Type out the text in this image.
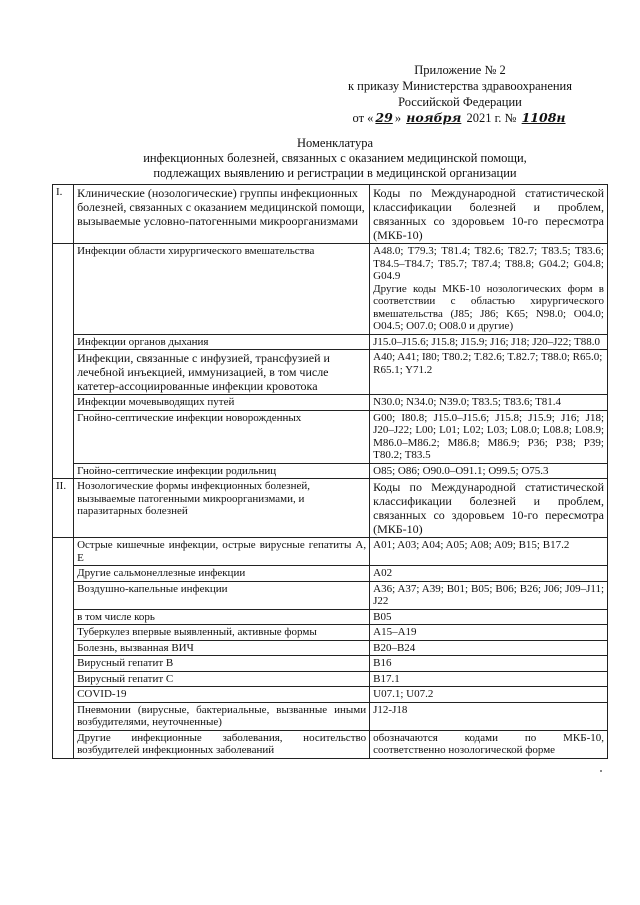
Приложение № 2
к приказу Министерства здравоохранения
Российской Федерации
от « 29 » ноября 2021 г. № 1108н
Номенклатура
инфекционных болезней, связанных с оказанием медицинской помощи,
подлежащих выявлению и регистрации в медицинской организации
I.	Клинические (нозологические) группы инфекционных болезней, связанных с оказанием медицинской помощи, вызываемые условно-патогенными микроорганизмами	Коды по Международной статистической классификации болезней и проблем, связанных со здоровьем 10-го пересмотра (МКБ-10)
	Инфекции области хирургического вмешательства	A48.0; T79.3; T81.4; T82.6; T82.7; T83.5; T83.6; T84.5–T84.7; T85.7; T87.4; T88.8; G04.2; G04.8; G04.9
Другие коды МКБ-10 нозологических форм в соответствии с областью хирургического вмешательства (J85; J86; K65; N98.0; O04.0; O04.5; O07.0; O08.0 и другие)

	Инфекции органов дыхания	J15.0–J15.6; J15.8; J15.9; J16; J18; J20–J22; T88.0
	Инфекции, связанные с инфузией, трансфузией и лечебной инъекцией, иммунизацией, в том числе катетер-ассоциированные инфекции кровотока	A40; A41; I80; T80.2; T.82.6; T.82.7; T88.0; R65.0; R65.1; Y71.2
	Инфекции мочевыводящих путей	N30.0; N34.0; N39.0; T83.5; T83.6; T81.4
	Гнойно-септические инфекции новорожденных	G00; I80.8; J15.0–J15.6; J15.8; J15.9; J16; J18; J20–J22; L00; L01; L02; L03; L08.0; L08.8; L08.9; M86.0–M86.2; M86.8; M86.9; P36; P38; P39; T80.2; T83.5
	Гнойно-септические инфекции родильниц	O85; O86; O90.0–O91.1; O99.5; O75.3
II.	Нозологические формы инфекционных болезней, вызываемые патогенными микроорганизмами, и паразитарных болезней	Коды по Международной статистической классификации болезней и проблем, связанных со здоровьем 10-го пересмотра (МКБ-10)
	Острые кишечные инфекции, острые вирусные гепатиты А, Е	A01; A03; A04; A05; A08; A09; B15; B17.2
	Другие сальмонеллезные инфекции	A02
	Воздушно-капельные инфекции	A36; A37; A39; B01; B05; B06; B26; J06; J09–J11; J22
	в том числе корь	B05
	Туберкулез впервые выявленный, активные формы	A15–A19
	Болезнь, вызванная ВИЧ	B20–B24
	Вирусный гепатит В	B16
	Вирусный гепатит С	B17.1
	COVID-19	U07.1; U07.2
	Пневмонии (вирусные, бактериальные, вызванные иными возбудителями, неуточненные)	J12-J18
	Другие инфекционные заболевания, носительство возбудителей инфекционных заболеваний	обозначаются кодами по МКБ-10, соответственно нозологической форме
